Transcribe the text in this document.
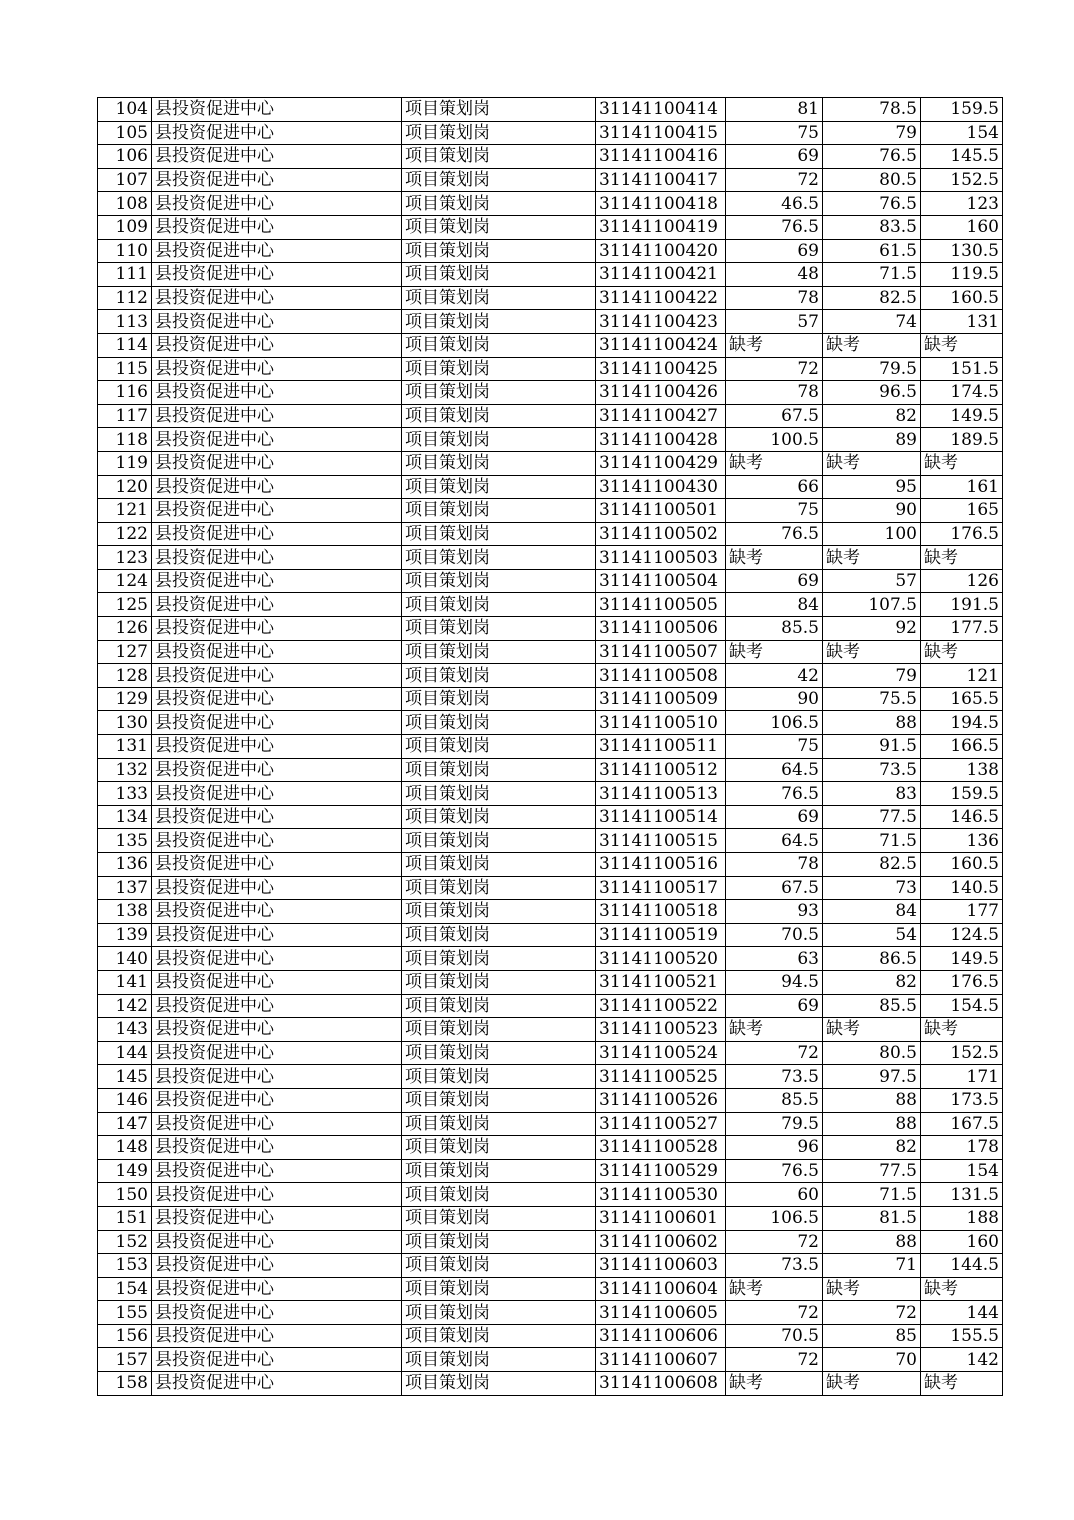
104	县投资促进中心	项目策划岗	31141100414	81	78.5	159.5
105	县投资促进中心	项目策划岗	31141100415	75	79	154
106	县投资促进中心	项目策划岗	31141100416	69	76.5	145.5
107	县投资促进中心	项目策划岗	31141100417	72	80.5	152.5
108	县投资促进中心	项目策划岗	31141100418	46.5	76.5	123
109	县投资促进中心	项目策划岗	31141100419	76.5	83.5	160
110	县投资促进中心	项目策划岗	31141100420	69	61.5	130.5
111	县投资促进中心	项目策划岗	31141100421	48	71.5	119.5
112	县投资促进中心	项目策划岗	31141100422	78	82.5	160.5
113	县投资促进中心	项目策划岗	31141100423	57	74	131
114	县投资促进中心	项目策划岗	31141100424	缺考	缺考	缺考
115	县投资促进中心	项目策划岗	31141100425	72	79.5	151.5
116	县投资促进中心	项目策划岗	31141100426	78	96.5	174.5
117	县投资促进中心	项目策划岗	31141100427	67.5	82	149.5
118	县投资促进中心	项目策划岗	31141100428	100.5	89	189.5
119	县投资促进中心	项目策划岗	31141100429	缺考	缺考	缺考
120	县投资促进中心	项目策划岗	31141100430	66	95	161
121	县投资促进中心	项目策划岗	31141100501	75	90	165
122	县投资促进中心	项目策划岗	31141100502	76.5	100	176.5
123	县投资促进中心	项目策划岗	31141100503	缺考	缺考	缺考
124	县投资促进中心	项目策划岗	31141100504	69	57	126
125	县投资促进中心	项目策划岗	31141100505	84	107.5	191.5
126	县投资促进中心	项目策划岗	31141100506	85.5	92	177.5
127	县投资促进中心	项目策划岗	31141100507	缺考	缺考	缺考
128	县投资促进中心	项目策划岗	31141100508	42	79	121
129	县投资促进中心	项目策划岗	31141100509	90	75.5	165.5
130	县投资促进中心	项目策划岗	31141100510	106.5	88	194.5
131	县投资促进中心	项目策划岗	31141100511	75	91.5	166.5
132	县投资促进中心	项目策划岗	31141100512	64.5	73.5	138
133	县投资促进中心	项目策划岗	31141100513	76.5	83	159.5
134	县投资促进中心	项目策划岗	31141100514	69	77.5	146.5
135	县投资促进中心	项目策划岗	31141100515	64.5	71.5	136
136	县投资促进中心	项目策划岗	31141100516	78	82.5	160.5
137	县投资促进中心	项目策划岗	31141100517	67.5	73	140.5
138	县投资促进中心	项目策划岗	31141100518	93	84	177
139	县投资促进中心	项目策划岗	31141100519	70.5	54	124.5
140	县投资促进中心	项目策划岗	31141100520	63	86.5	149.5
141	县投资促进中心	项目策划岗	31141100521	94.5	82	176.5
142	县投资促进中心	项目策划岗	31141100522	69	85.5	154.5
143	县投资促进中心	项目策划岗	31141100523	缺考	缺考	缺考
144	县投资促进中心	项目策划岗	31141100524	72	80.5	152.5
145	县投资促进中心	项目策划岗	31141100525	73.5	97.5	171
146	县投资促进中心	项目策划岗	31141100526	85.5	88	173.5
147	县投资促进中心	项目策划岗	31141100527	79.5	88	167.5
148	县投资促进中心	项目策划岗	31141100528	96	82	178
149	县投资促进中心	项目策划岗	31141100529	76.5	77.5	154
150	县投资促进中心	项目策划岗	31141100530	60	71.5	131.5
151	县投资促进中心	项目策划岗	31141100601	106.5	81.5	188
152	县投资促进中心	项目策划岗	31141100602	72	88	160
153	县投资促进中心	项目策划岗	31141100603	73.5	71	144.5
154	县投资促进中心	项目策划岗	31141100604	缺考	缺考	缺考
155	县投资促进中心	项目策划岗	31141100605	72	72	144
156	县投资促进中心	项目策划岗	31141100606	70.5	85	155.5
157	县投资促进中心	项目策划岗	31141100607	72	70	142
158	县投资促进中心	项目策划岗	31141100608	缺考	缺考	缺考
